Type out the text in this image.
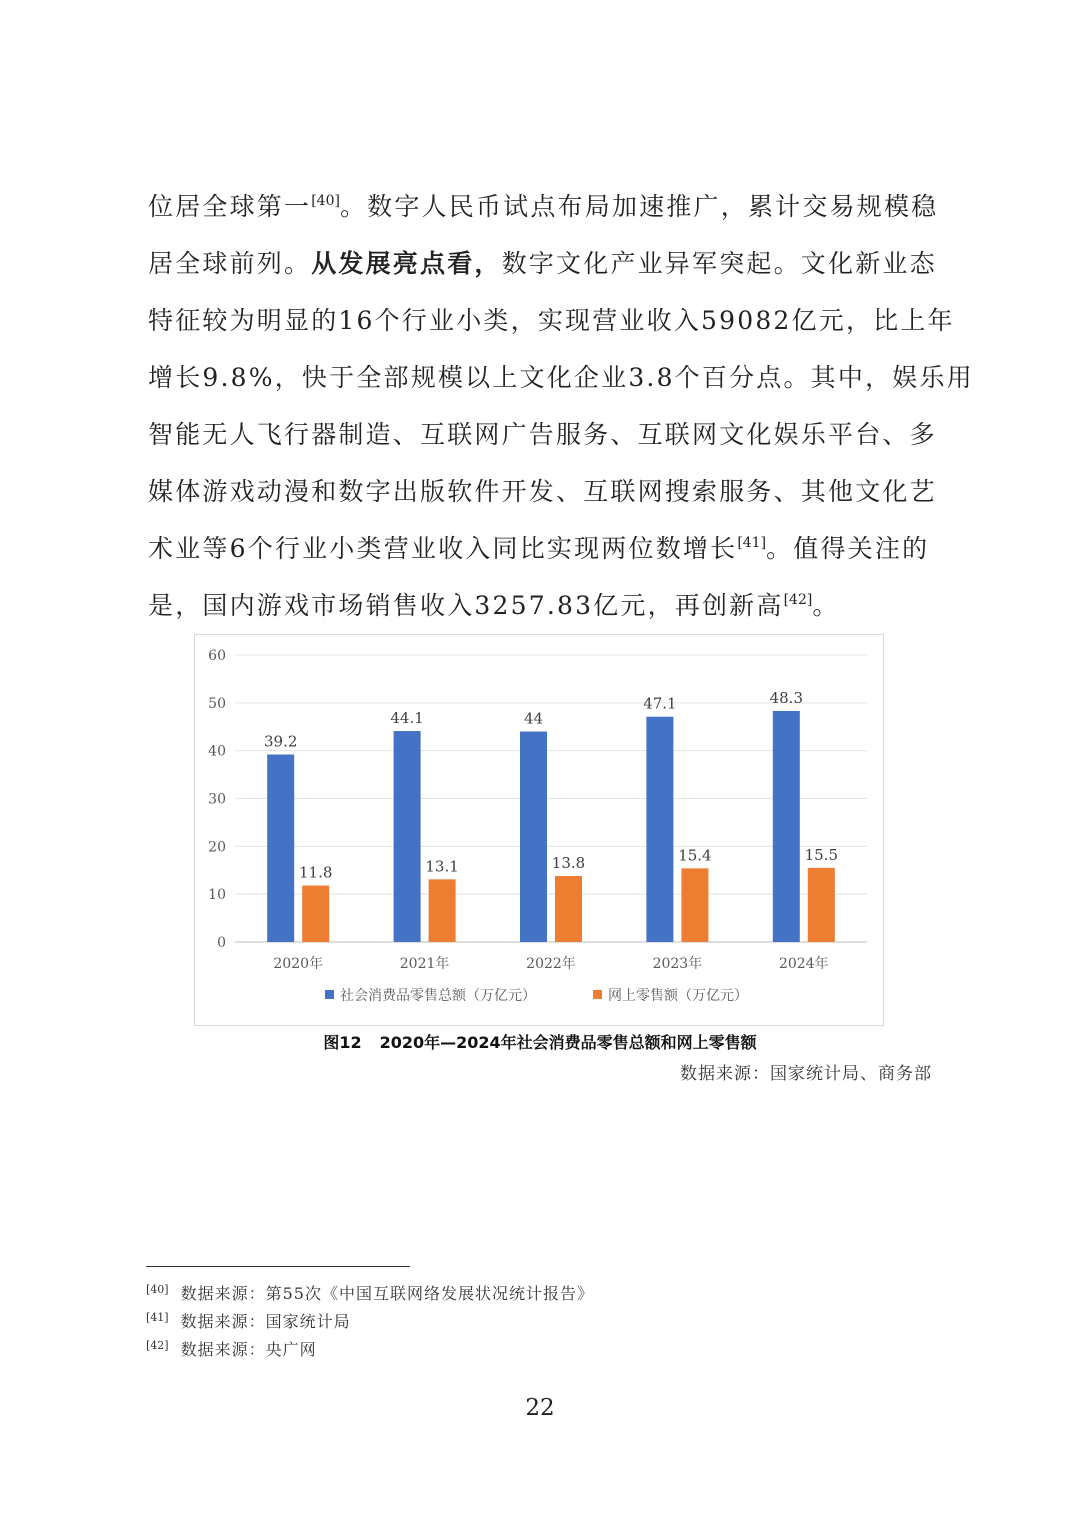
位居全球第一[40]。数字人民币试点布局加速推广，累计交易规模稳
居全球前列。从发展亮点看，数字文化产业异军突起。文化新业态
特征较为明显的16个行业小类，实现营业收入59082亿元，比上年
增长9.8%，快于全部规模以上文化企业3.8个百分点。其中，娱乐用
智能无人飞行器制造、互联网广告服务、互联网文化娱乐平台、多
媒体游戏动漫和数字出版软件开发、互联网搜索服务、其他文化艺
术业等6个行业小类营业收入同比实现两位数增长[41]。值得关注的
是，国内游戏市场销售收入3257.83亿元，再创新高[42]。
0
10
20
30
40
50
60
39.2
11.8
2020年
44.1
13.1
2021年
44
13.8
2022年
47.1
15.4
2023年
48.3
15.5
2024年
社会消费品零售总额（万亿元）	网上零售额（万亿元）
图12 2020年—2024年社会消费品零售总额和网上零售额
数据来源：国家统计局、商务部
[40] 数据来源：第55次《中国互联网络发展状况统计报告》
[41] 数据来源：国家统计局
[42] 数据来源：央广网
22
